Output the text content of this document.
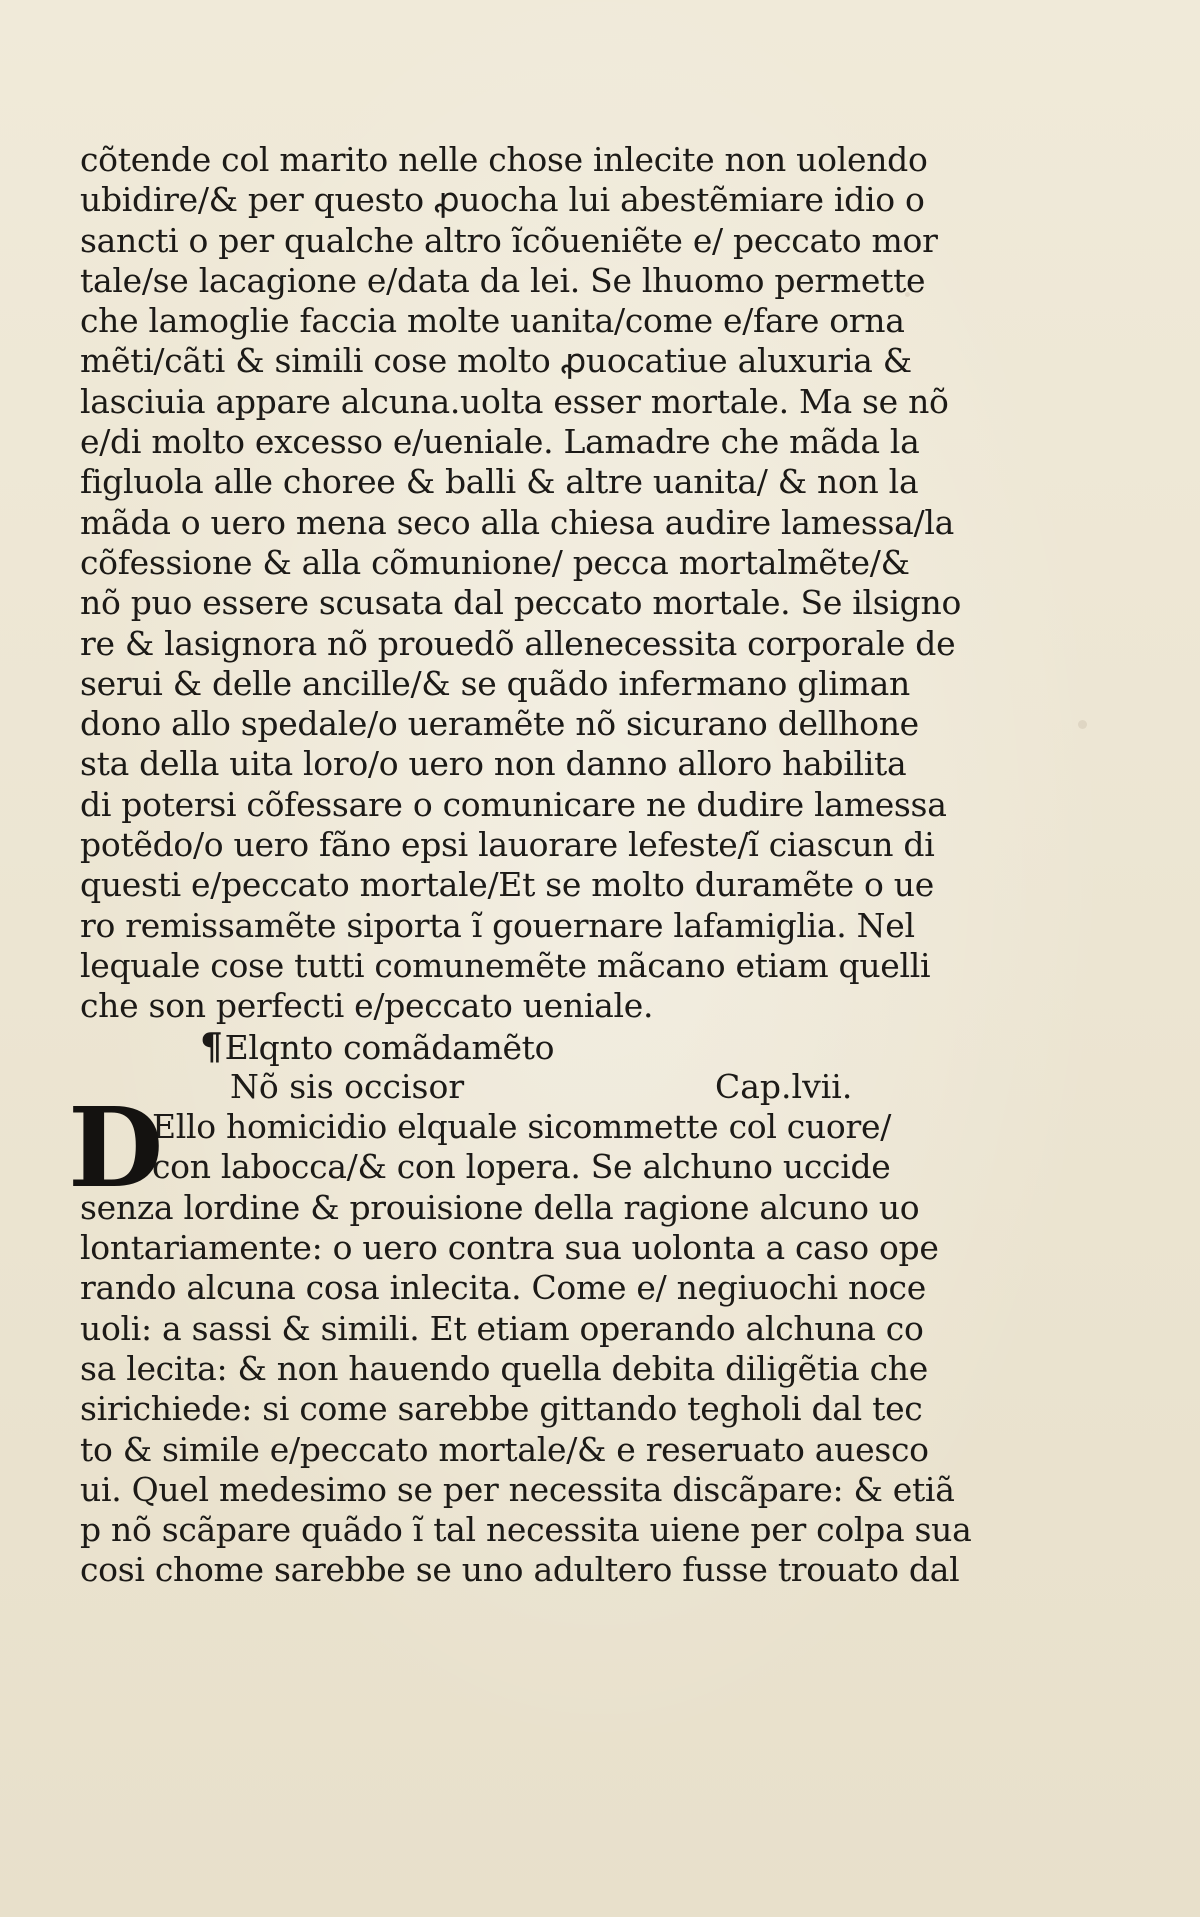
cõtende col marito nelle chose inlecite non uolendo
ubidire/& per questo ꝓuocha lui abestẽmiare idio o
sancti o per qualche altro ĩcõueniẽte e/ peccato mor
tale/se lacagione e/data da lei. Se lhuomo permette
che lamoglie faccia molte uanita/come e/fare orna
mẽti/cãti & simili cose molto ꝓuocatiue aluxuria &
lasciuia appare alcuna.uolta esser mortale. Ma se nõ
e/di molto excesso e/ueniale. Lamadre che mãda la
figluola alle choree & balli & altre uanita/ & non la
mãda o uero mena seco alla chiesa audire lamessa/la
cõfessione & alla cõmunione/ pecca mortalmẽte/&
nõ puo essere scusata dal peccato mortale. Se ilsigno
re & lasignora nõ prouedõ allenecessita corporale de
serui & delle ancille/& se quãdo infermano gliman
dono allo spedale/o ueramẽte nõ sicurano dellhone
sta della uita loro/o uero non danno alloro habilita
di potersi cõfessare o comunicare ne dudire lamessa
potẽdo/o uero fãno epsi lauorare lefeste/ĩ ciascun di
questi e/peccato mortale/Et se molto duramẽte o ue
ro remissamẽte siporta ĩ gouernare lafamiglia. Nel
lequale cose tutti comunemẽte mãcano etiam quelli
che son perfecti e/peccato ueniale.
¶Elqnto comãdamẽto
Nõ sis occisor	Cap.lvii.
D
Ello homicidio elquale sicommette col cuore/
con labocca/& con lopera. Se alchuno uccide
senza lordine & prouisione della ragione alcuno uo
lontariamente: o uero contra sua uolonta a caso ope
rando alcuna cosa inlecita. Come e/ negiuochi noce
uoli: a sassi & simili. Et etiam operando alchuna co
sa lecita: & non hauendo quella debita diligẽtia che
sirichiede: si come sarebbe gittando tegholi dal tec
to & simile e/peccato mortale/& e reseruato auesco
ui. Quel medesimo se per necessita discãpare: & etiã
p nõ scãpare quãdo ĩ tal necessita uiene per colpa sua
cosi chome sarebbe se uno adultero fusse trouato dal
